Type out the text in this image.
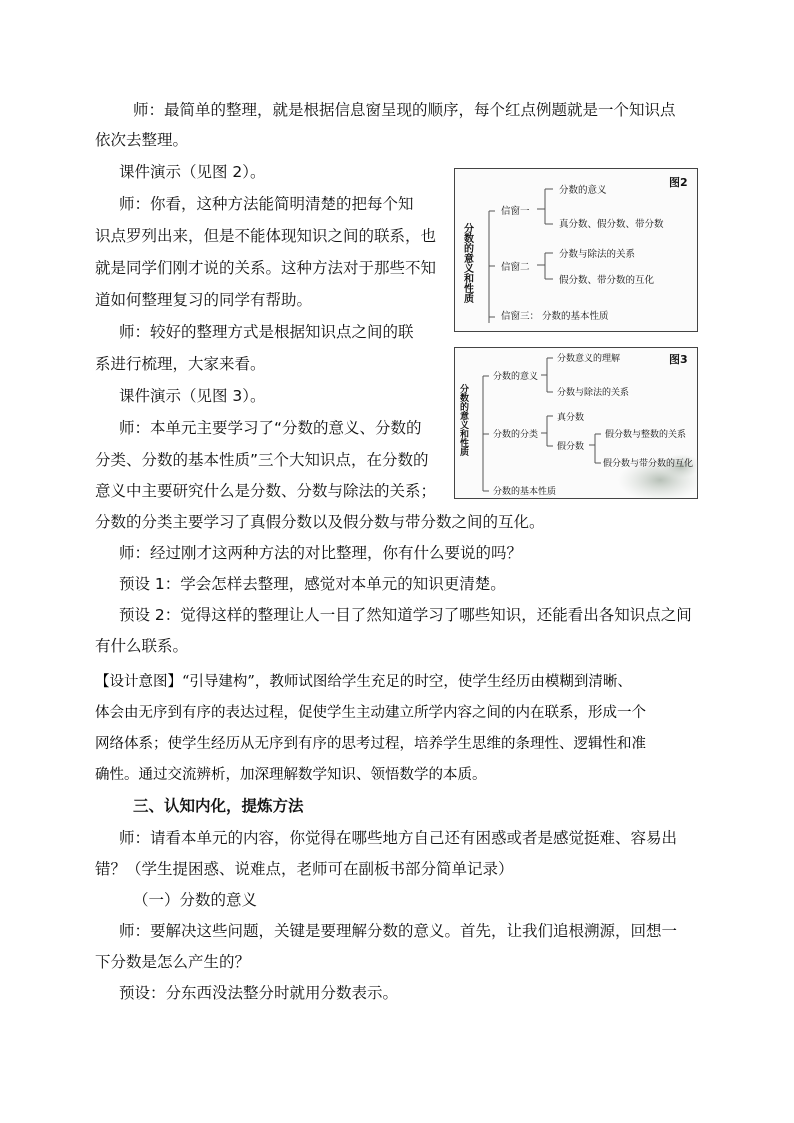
师：最简单的整理，就是根据信息窗呈现的顺序，每个红点例题就是一个知识点
依次去整理。
课件演示（见图 2）。
师：你看，这种方法能简明清楚的把每个知
识点罗列出来，但是不能体现知识之间的联系，也
就是同学们刚才说的关系。这种方法对于那些不知
道如何整理复习的同学有帮助。
师：较好的整理方式是根据知识点之间的联
系进行梳理，大家来看。
课件演示（见图 3）。
师：本单元主要学习了“分数的意义、分数的
分类、分数的基本性质”三个大知识点，在分数的
意义中主要研究什么是分数、分数与除法的关系；
分数的分类主要学习了真假分数以及假分数与带分数之间的互化。
师：经过刚才这两种方法的对比整理，你有什么要说的吗？
预设 1：学会怎样去整理，感觉对本单元的知识更清楚。
预设 2：觉得这样的整理让人一目了然知道学习了哪些知识，还能看出各知识点之间
有什么联系。
【设计意图】“引导建构”，教师试图给学生充足的时空，使学生经历由模糊到清晰、
体会由无序到有序的表达过程，促使学生主动建立所学内容之间的内在联系，形成一个
网络体系；使学生经历从无序到有序的思考过程，培养学生思维的条理性、逻辑性和准
确性。通过交流辨析，加深理解数学知识、领悟数学的本质。
三、认知内化，提炼方法
师：请看本单元的内容，你觉得在哪些地方自己还有困惑或者是感觉挺难、容易出
错？（学生提困惑、说难点，老师可在副板书部分简单记录）
（一）分数的意义
师：要解决这些问题，关键是要理解分数的意义。首先，让我们追根溯源，回想一
下分数是怎么产生的？
预设：分东西没法整分时就用分数表示。
图2
分数的意义和性质
信窗一
分数的意义
真分数、假分数、带分数
信窗二
分数与除法的关系
假分数、带分数的互化
信窗三： 分数的基本性质
图3
分数的意义和性质
分数的意义
分数意义的理解
分数与除法的关系
分数的分类
真分数
假分数
假分数与整数的关系
假分数与带分数的互化
分数的基本性质
